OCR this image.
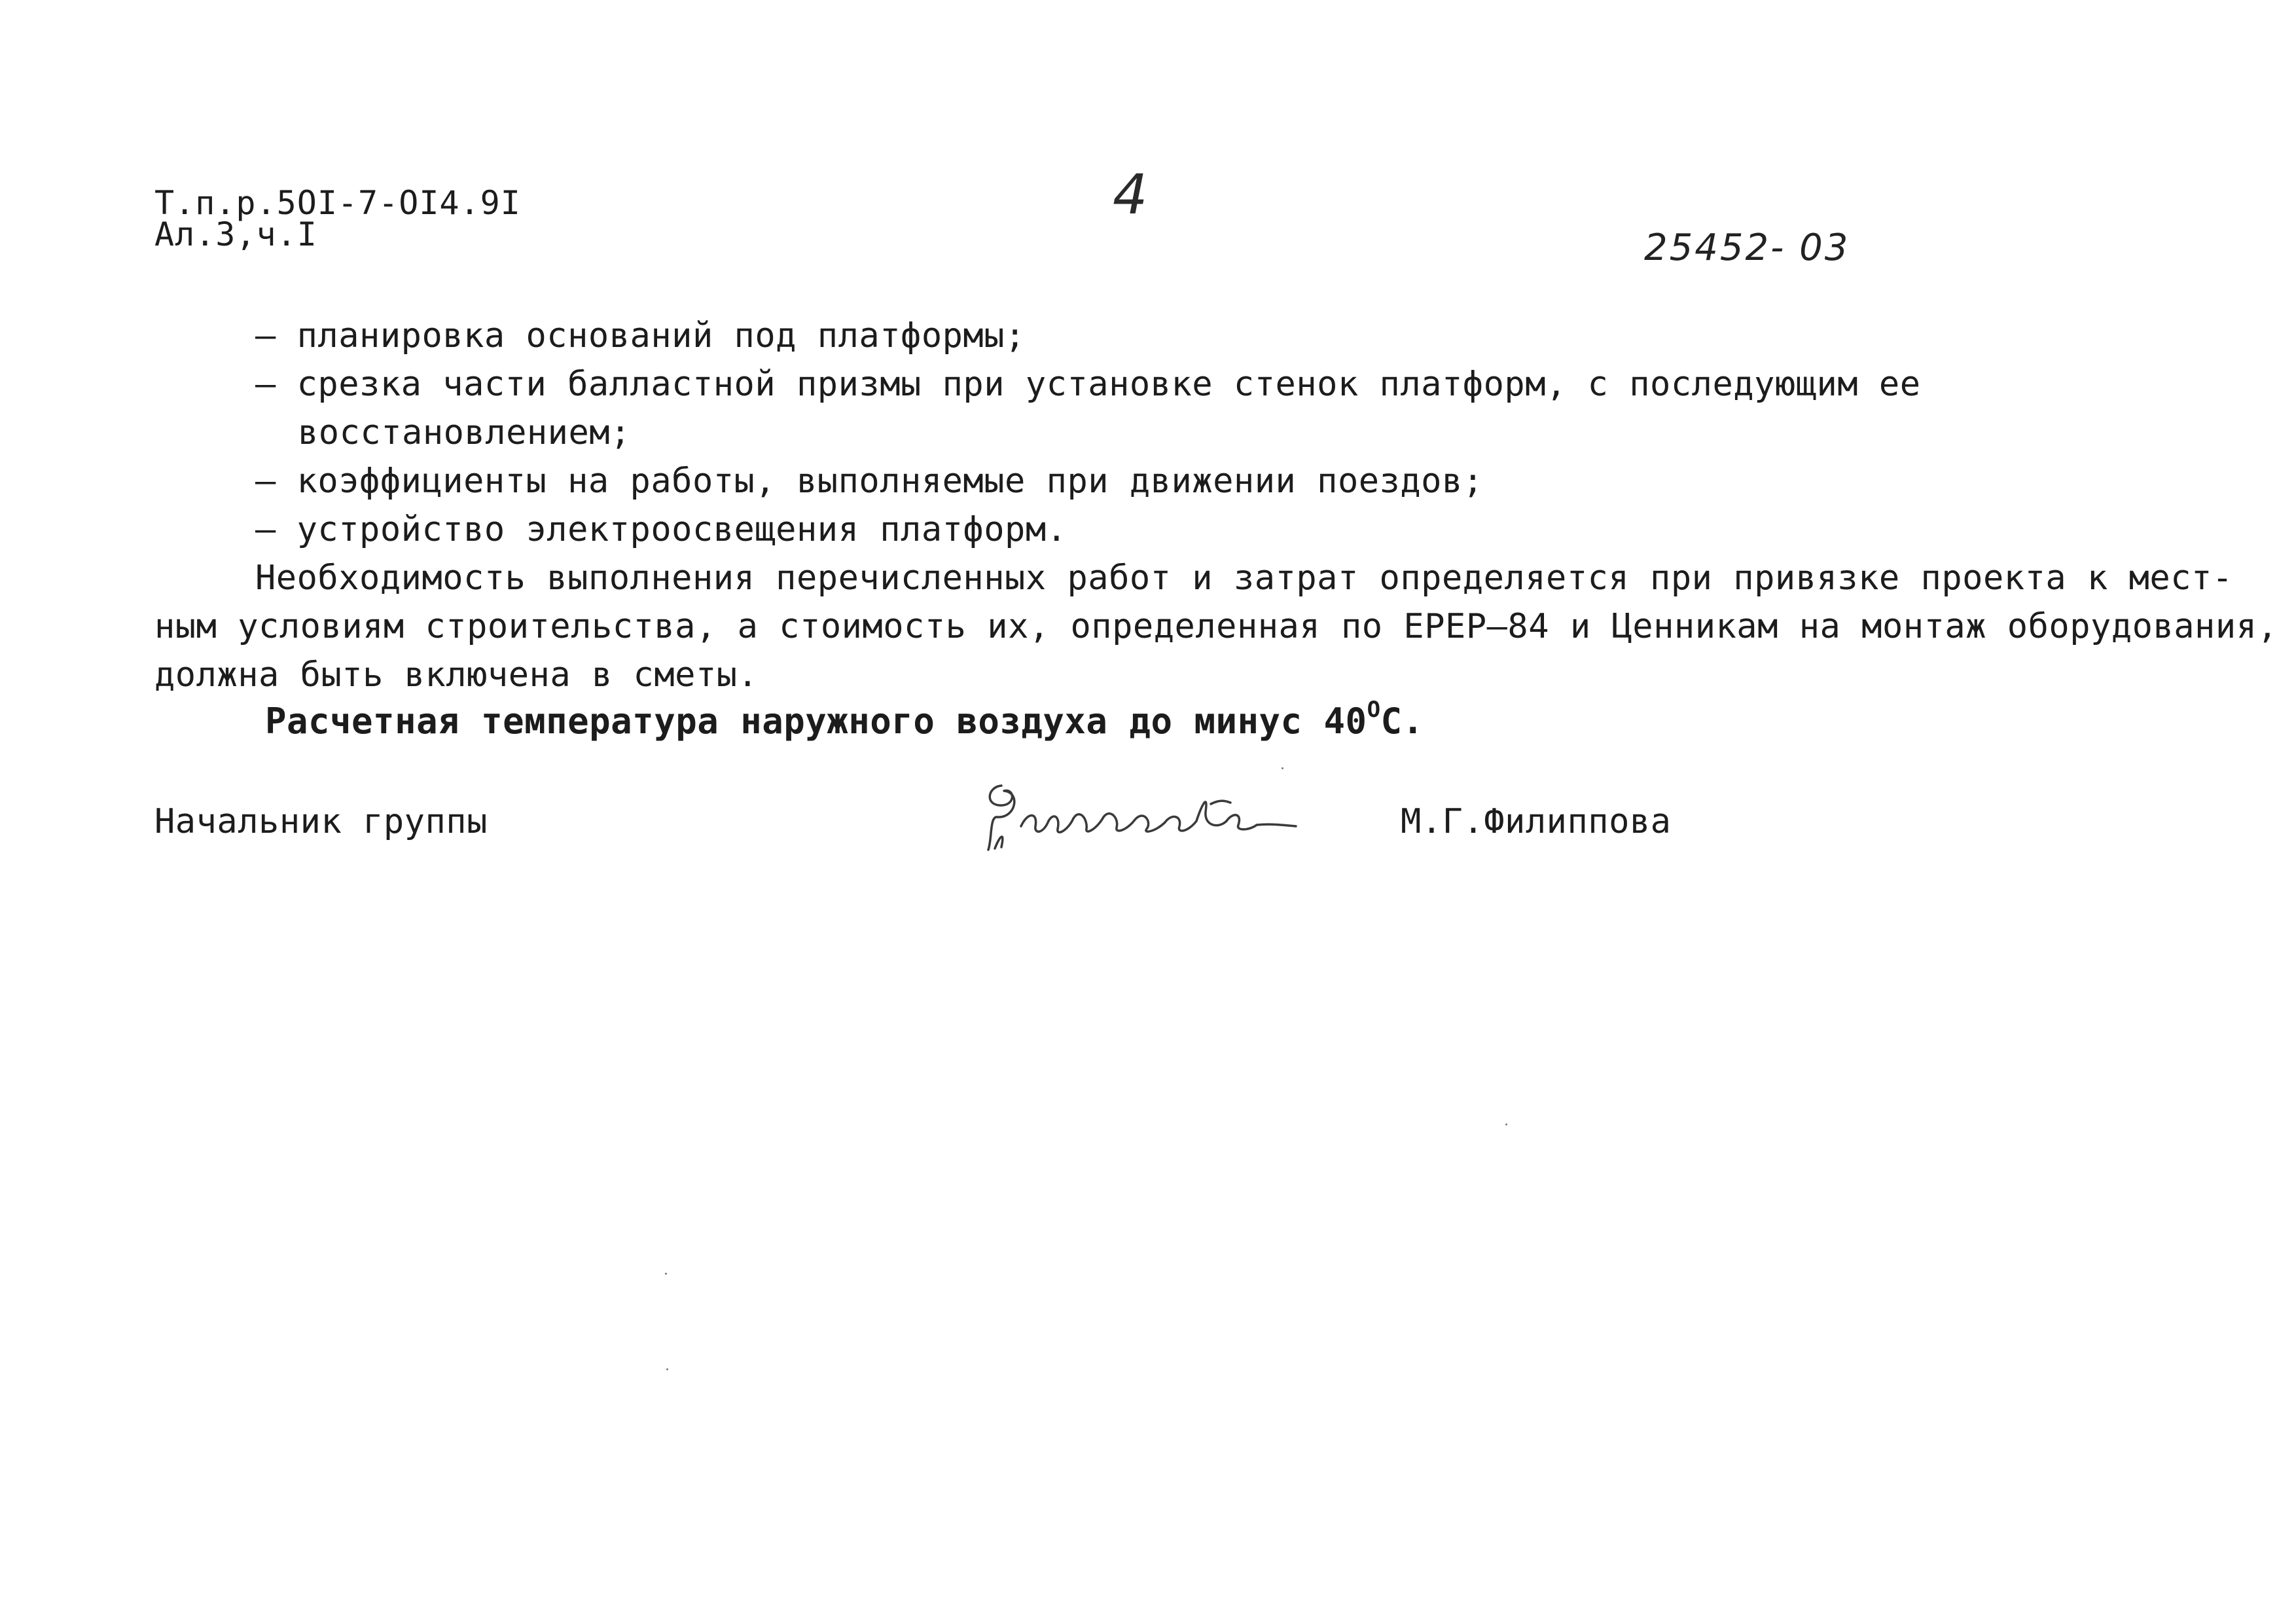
Т.п.р.5ОI-7-ОI4.9I
Ал.3,ч.I
4
25452- 03
– планировка оснований под платформы;
– срезка части балластной призмы при установке стенок платформ, с последующим ее
восстановлением;
– коэффициенты на работы, выполняемые при движении поездов;
– устройство электроосвещения платформ.
Необходимость выполнения перечисленных работ и затрат определяется при привязке проекта к мест-
ным условиям строительства, а стоимость их, определенная по ЕРЕР–84 и Ценникам на монтаж оборудования,
должна быть включена в сметы.
Расчетная температура наружного воздуха до минус $40^ОС$.
Начальник группы	М.Г.Филиппова
